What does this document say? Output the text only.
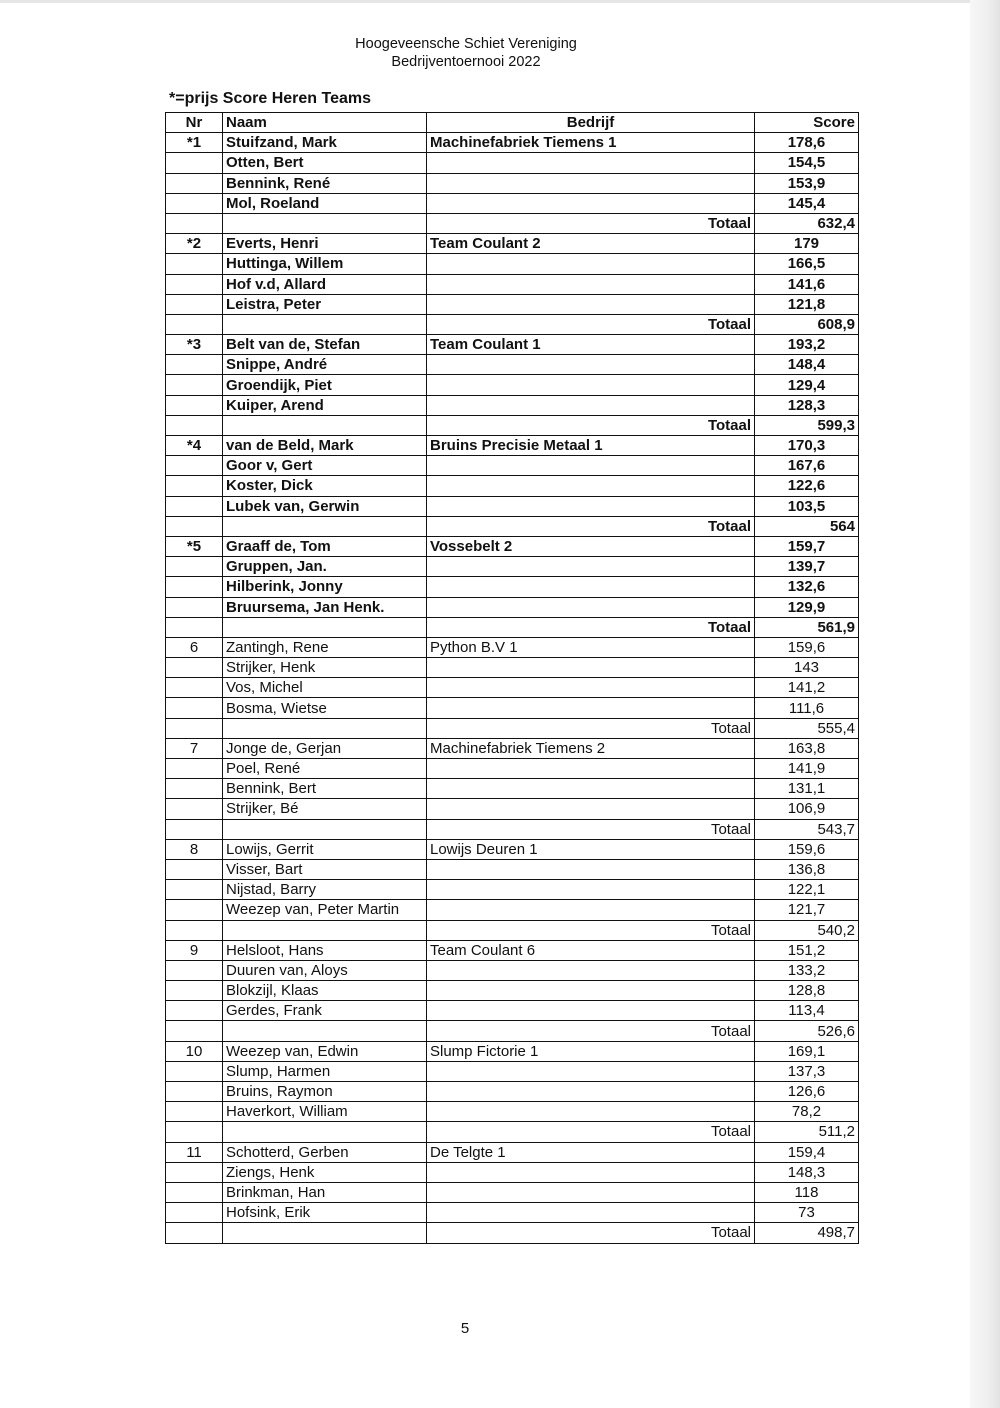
Hoogeveensche Schiet Vereniging
Bedrijventoernooi 2022
*=prijs Score Heren Teams
Nr	Naam	Bedrijf	Score
*1	Stuifzand, Mark	Machinefabriek Tiemens 1	178,6
	Otten, Bert		154,5
	Bennink, René		153,9
	Mol, Roeland		145,4
		Totaal	632,4
*2	Everts, Henri	Team Coulant 2	179
	Huttinga, Willem		166,5
	Hof v.d, Allard		141,6
	Leistra, Peter		121,8
		Totaal	608,9
*3	Belt van de, Stefan	Team Coulant 1	193,2
	Snippe, André		148,4
	Groendijk, Piet		129,4
	Kuiper, Arend		128,3
		Totaal	599,3
*4	van de Beld, Mark	Bruins Precisie Metaal 1	170,3
	Goor v, Gert		167,6
	Koster, Dick		122,6
	Lubek van, Gerwin		103,5
		Totaal	564
*5	Graaff de, Tom	Vossebelt 2	159,7
	Gruppen, Jan.		139,7
	Hilberink, Jonny		132,6
	Bruursema, Jan Henk.		129,9
		Totaal	561,9
6	Zantingh, Rene	Python B.V 1	159,6
	Strijker, Henk		143
	Vos, Michel		141,2
	Bosma, Wietse		111,6
		Totaal	555,4
7	Jonge de, Gerjan	Machinefabriek Tiemens 2	163,8
	Poel, René		141,9
	Bennink, Bert		131,1
	Strijker, Bé		106,9
		Totaal	543,7
8	Lowijs, Gerrit	Lowijs Deuren 1	159,6
	Visser, Bart		136,8
	Nijstad, Barry		122,1
	Weezep van, Peter Martin		121,7
		Totaal	540,2
9	Helsloot, Hans	Team Coulant 6	151,2
	Duuren van, Aloys		133,2
	Blokzijl, Klaas		128,8
	Gerdes, Frank		113,4
		Totaal	526,6
10	Weezep van, Edwin	Slump Fictorie 1	169,1
	Slump, Harmen		137,3
	Bruins, Raymon		126,6
	Haverkort, William		78,2
		Totaal	511,2
11	Schotterd, Gerben	De Telgte 1	159,4
	Ziengs, Henk		148,3
	Brinkman, Han		118
	Hofsink, Erik		73
		Totaal	498,7
5
